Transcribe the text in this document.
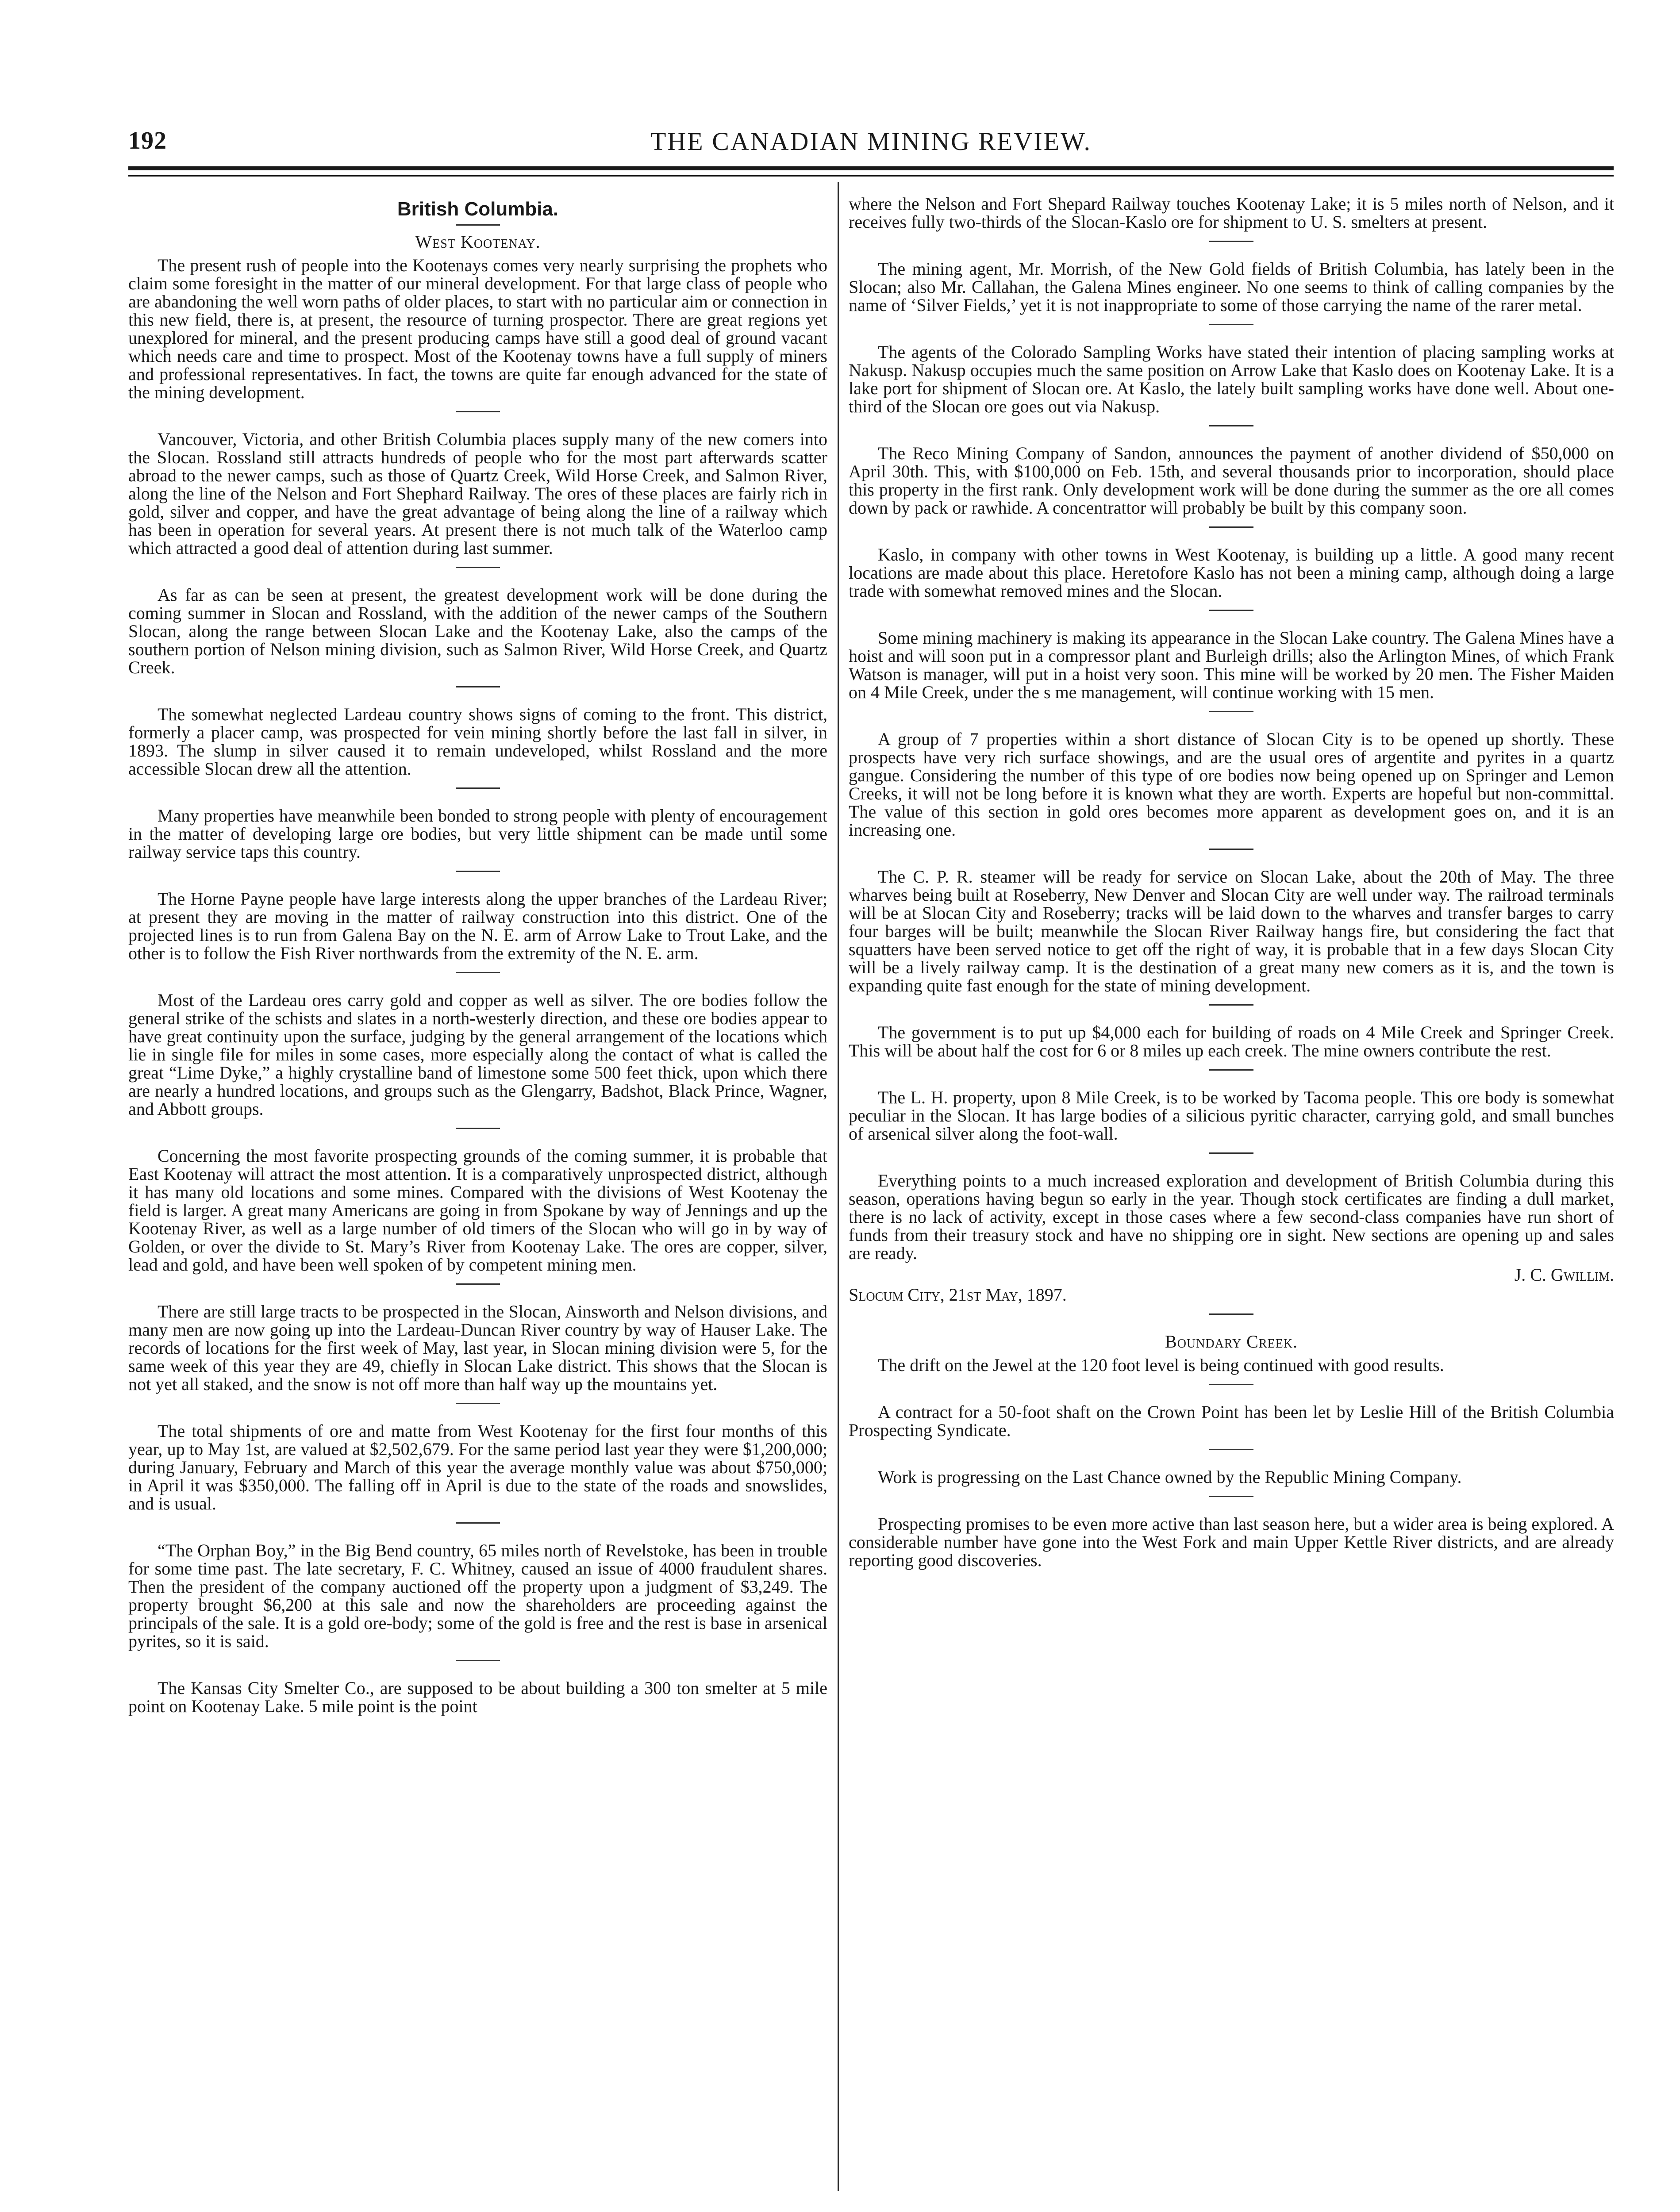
192	THE CANADIAN MINING REVIEW.
British Columbia.
West Kootenay.

The present rush of people into the Kootenays comes very nearly surprising the prophets who claim some foresight in the matter of our mineral development. For that large class of people who are abandoning the well worn paths of older places, to start with no particular aim or connection in this new field, there is, at present, the resource of turning prospector. There are great regions yet unexplored for mineral, and the present producing camps have still a good deal of ground vacant which needs care and time to prospect. Most of the Kootenay towns have a full supply of miners and professional representatives. In fact, the towns are quite far enough advanced for the state of the mining development.

Vancouver, Victoria, and other British Columbia places supply many of the new comers into the Slocan. Rossland still attracts hundreds of people who for the most part afterwards scatter abroad to the newer camps, such as those of Quartz Creek, Wild Horse Creek, and Salmon River, along the line of the Nelson and Fort Shephard Railway. The ores of these places are fairly rich in gold, silver and copper, and have the great advantage of being along the line of a railway which has been in operation for several years. At present there is not much talk of the Waterloo camp which attracted a good deal of attention during last summer.

As far as can be seen at present, the greatest development work will be done during the coming summer in Slocan and Rossland, with the addition of the newer camps of the Southern Slocan, along the range between Slocan Lake and the Kootenay Lake, also the camps of the southern portion of Nelson mining division, such as Salmon River, Wild Horse Creek, and Quartz Creek.

The somewhat neglected Lardeau country shows signs of coming to the front. This district, formerly a placer camp, was prospected for vein mining shortly before the last fall in silver, in 1893. The slump in silver caused it to remain undeveloped, whilst Rossland and the more accessible Slocan drew all the attention.

Many properties have meanwhile been bonded to strong people with plenty of encouragement in the matter of developing large ore bodies, but very little shipment can be made until some railway service taps this country.

The Horne Payne people have large interests along the upper branches of the Lardeau River; at present they are moving in the matter of railway construction into this district. One of the projected lines is to run from Galena Bay on the N. E. arm of Arrow Lake to Trout Lake, and the other is to follow the Fish River northwards from the extremity of the N. E. arm.

Most of the Lardeau ores carry gold and copper as well as silver. The ore bodies follow the general strike of the schists and slates in a north-westerly direction, and these ore bodies appear to have great continuity upon the surface, judging by the general arrangement of the locations which lie in single file for miles in some cases, more especially along the contact of what is called the great “Lime Dyke,” a highly crystalline band of limestone some 500 feet thick, upon which there are nearly a hundred locations, and groups such as the Glengarry, Badshot, Black Prince, Wagner, and Abbott groups.

Concerning the most favorite prospecting grounds of the coming summer, it is probable that East Kootenay will attract the most attention. It is a comparatively unprospected district, although it has many old locations and some mines. Compared with the divisions of West Kootenay the field is larger. A great many Americans are going in from Spokane by way of Jennings and up the Kootenay River, as well as a large number of old timers of the Slocan who will go in by way of Golden, or over the divide to St. Mary’s River from Kootenay Lake. The ores are copper, silver, lead and gold, and have been well spoken of by competent mining men.

There are still large tracts to be prospected in the Slocan, Ainsworth and Nelson divisions, and many men are now going up into the Lardeau-Duncan River country by way of Hauser Lake. The records of locations for the first week of May, last year, in Slocan mining division were 5, for the same week of this year they are 49, chiefly in Slocan Lake district. This shows that the Slocan is not yet all staked, and the snow is not off more than half way up the mountains yet.

The total shipments of ore and matte from West Kootenay for the first four months of this year, up to May 1st, are valued at $2,502,679. For the same period last year they were $1,200,000; during January, February and March of this year the average monthly value was about $750,000; in April it was $350,000. The falling off in April is due to the state of the roads and snowslides, and is usual.

“The Orphan Boy,” in the Big Bend country, 65 miles north of Revelstoke, has been in trouble for some time past. The late secretary, F. C. Whitney, caused an issue of 4000 fraudulent shares. Then the president of the company auctioned off the property upon a judgment of $3,249. The property brought $6,200 at this sale and now the shareholders are proceeding against the principals of the sale. It is a gold ore-body; some of the gold is free and the rest is base in arsenical pyrites, so it is said.

The Kansas City Smelter Co., are supposed to be about building a 300 ton smelter at 5 mile point on Kootenay Lake. 5 mile point is the point

where the Nelson and Fort Shepard Railway touches Kootenay Lake; it is 5 miles north of Nelson, and it receives fully two-thirds of the Slocan-Kaslo ore for shipment to U. S. smelters at present.

The mining agent, Mr. Morrish, of the New Gold fields of British Columbia, has lately been in the Slocan; also Mr. Callahan, the Galena Mines engineer. No one seems to think of calling companies by the name of ‘Silver Fields,’ yet it is not inappropriate to some of those carrying the name of the rarer metal.

The agents of the Colorado Sampling Works have stated their intention of placing sampling works at Nakusp. Nakusp occupies much the same position on Arrow Lake that Kaslo does on Kootenay Lake. It is a lake port for shipment of Slocan ore. At Kaslo, the lately built sampling works have done well. About one-third of the Slocan ore goes out via Nakusp.

The Reco Mining Company of Sandon, announces the payment of another dividend of $50,000 on April 30th. This, with $100,000 on Feb. 15th, and several thousands prior to incorporation, should place this property in the first rank. Only development work will be done during the summer as the ore all comes down by pack or rawhide. A concentrattor will probably be built by this company soon.

Kaslo, in company with other towns in West Kootenay, is building up a little. A good many recent locations are made about this place. Heretofore Kaslo has not been a mining camp, although doing a large trade with somewhat removed mines and the Slocan.

Some mining machinery is making its appearance in the Slocan Lake country. The Galena Mines have a hoist and will soon put in a compressor plant and Burleigh drills; also the Arlington Mines, of which Frank Watson is manager, will put in a hoist very soon. This mine will be worked by 20 men. The Fisher Maiden on 4 Mile Creek, under the s me management, will continue working with 15 men.

A group of 7 properties within a short distance of Slocan City is to be opened up shortly. These prospects have very rich surface showings, and are the usual ores of argentite and pyrites in a quartz gangue. Considering the number of this type of ore bodies now being opened up on Springer and Lemon Creeks, it will not be long before it is known what they are worth. Experts are hopeful but non-committal. The value of this section in gold ores becomes more apparent as development goes on, and it is an increasing one.

The C. P. R. steamer will be ready for service on Slocan Lake, about the 20th of May. The three wharves being built at Roseberry, New Denver and Slocan City are well under way. The railroad terminals will be at Slocan City and Roseberry; tracks will be laid down to the wharves and transfer barges to carry four barges will be built; meanwhile the Slocan River Railway hangs fire, but considering the fact that squatters have been served notice to get off the right of way, it is probable that in a few days Slocan City will be a lively railway camp. It is the destination of a great many new comers as it is, and the town is expanding quite fast enough for the state of mining development.

The government is to put up $4,000 each for building of roads on 4 Mile Creek and Springer Creek. This will be about half the cost for 6 or 8 miles up each creek. The mine owners contribute the rest.

The L. H. property, upon 8 Mile Creek, is to be worked by Tacoma people. This ore body is somewhat peculiar in the Slocan. It has large bodies of a silicious pyritic character, carrying gold, and small bunches of arsenical silver along the foot-wall.

Everything points to a much increased exploration and development of British Columbia during this season, operations having begun so early in the year. Though stock certificates are finding a dull market, there is no lack of activity, except in those cases where a few second-class companies have run short of funds from their treasury stock and have no shipping ore in sight. New sections are opening up and sales are ready.

J. C. Gwillim.
Slocum City, 21st May, 1897.
Boundary Creek.

The drift on the Jewel at the 120 foot level is being continued with good results.

A contract for a 50-foot shaft on the Crown Point has been let by Leslie Hill of the British Columbia Prospecting Syndicate.

Work is progressing on the Last Chance owned by the Republic Mining Company.

Prospecting promises to be even more active than last season here, but a wider area is being explored. A considerable number have gone into the West Fork and main Upper Kettle River districts, and are already reporting good discoveries.
